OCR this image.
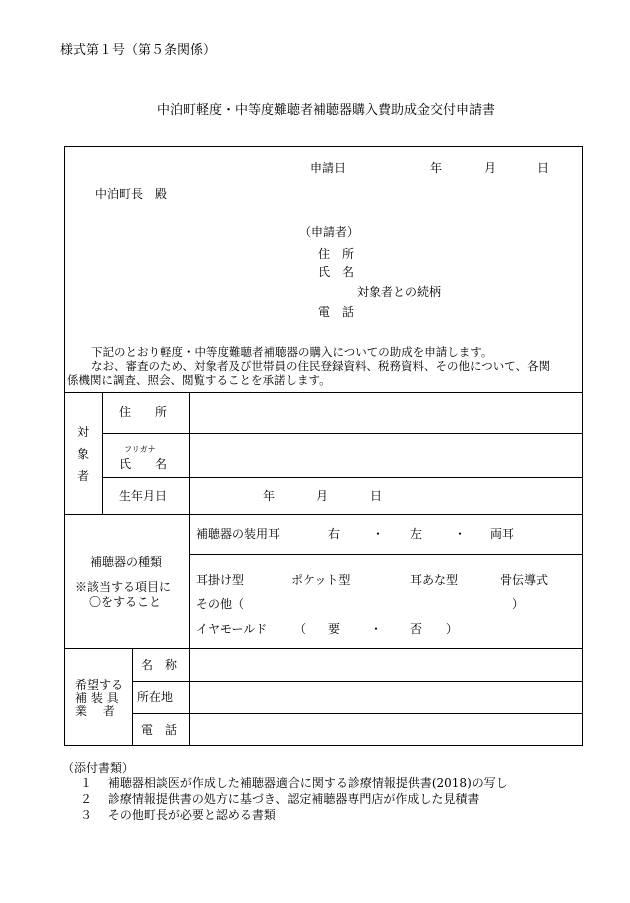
様式第１号（第５条関係）
中泊町軽度・中等度難聴者補聴器購入費助成金交付申請書
申請日	年	月	日
中泊町長　殿
（申請者）
住　所
氏　名
対象者との続柄
電　話
下記のとおり軽度・中等度難聴者補聴器の購入についての助成を申請します。
なお、審査のため、対象者及び世帯員の住民登録資料、税務資料、その他について、各関
係機関に調査、照会、閲覧することを承諾します。
対
象
者
住　　所
フリガナ
氏　　名
生年月日	年	月	日
補聴器の種類
※該当する項目に
〇をすること
補聴器の装用耳	右	・ 左	・ 両耳
耳掛け型	ポケット型	耳あな型	骨伝導式
その他（	）
イヤモールド （ 要 ・ 否 ）
希望する
補 装 具
業　 者
名　称
所在地
電　話
（添付書類）
１　 補聴器相談医が作成した補聴器適合に関する診療情報提供書(2018)の写し
２　 診療情報提供書の処方に基づき、認定補聴器専門店が作成した見積書
３　 その他町長が必要と認める書類
